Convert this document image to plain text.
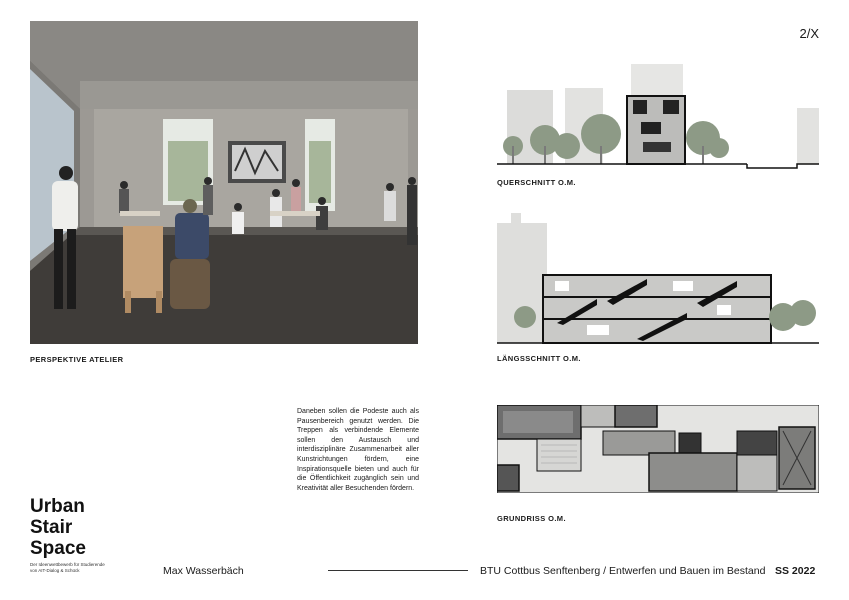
2/X
PERSPEKTIVE ATELIER
QUERSCHNITT O.M.
LÄNGSSCHNITT O.M.
GRUNDRISS O.M.
Daneben sollen die Podeste auch als Pausenbereich genutzt werden. Die Treppen als verbindende Elemente sollen den Austausch und interdisziplinäre Zusammenarbeit aller Kunstrichtungen fördern, eine Inspirationsquelle bieten und auch für die Öffentlichkeit zugänglich sein und Kreativität aller Besuchenden fördern.
Urban
Stair
Space
Der Ideenwettbewerb für Studierende
von AIT-Dialog & Schück	Max Wasserbäch	BTU Cottbus Senftenberg / Entwerfen und Bauen im Bestand SS 2022
